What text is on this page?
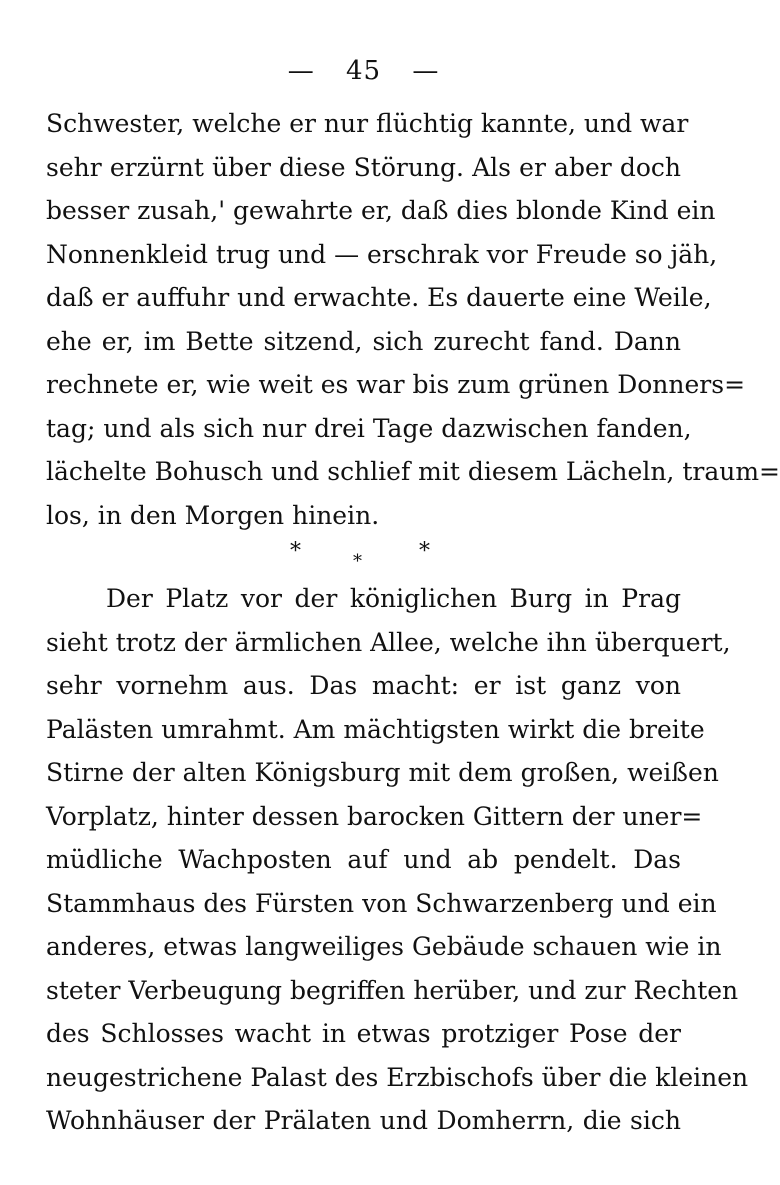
— 45 —
Schwester, welche er nur flüchtig kannte, und war
sehr erzürnt über diese Störung. Als er aber doch
besser zusah,' gewahrte er, daß dies blonde Kind ein
Nonnenkleid trug und — erschrak vor Freude so jäh,
daß er auffuhr und erwachte. Es dauerte eine Weile,
ehe er, im Bette sitzend, sich zurecht fand. Dann
rechnete er, wie weit es war bis zum grünen Donners=
tag; und als sich nur drei Tage dazwischen fanden,
lächelte Bohusch und schlief mit diesem Lächeln, traum=
los, in den Morgen hinein.
*	*	*
Der Platz vor der königlichen Burg in Prag
sieht trotz der ärmlichen Allee, welche ihn überquert,
sehr vornehm aus. Das macht: er ist ganz von
Palästen umrahmt. Am mächtigsten wirkt die breite
Stirne der alten Königsburg mit dem großen, weißen
Vorplatz, hinter dessen barocken Gittern der uner=
müdliche Wachposten auf und ab pendelt. Das
Stammhaus des Fürsten von Schwarzenberg und ein
anderes, etwas langweiliges Gebäude schauen wie in
steter Verbeugung begriffen herüber, und zur Rechten
des Schlosses wacht in etwas protziger Pose der
neugestrichene Palast des Erzbischofs über die kleinen
Wohnhäuser der Prälaten und Domherrn, die sich
